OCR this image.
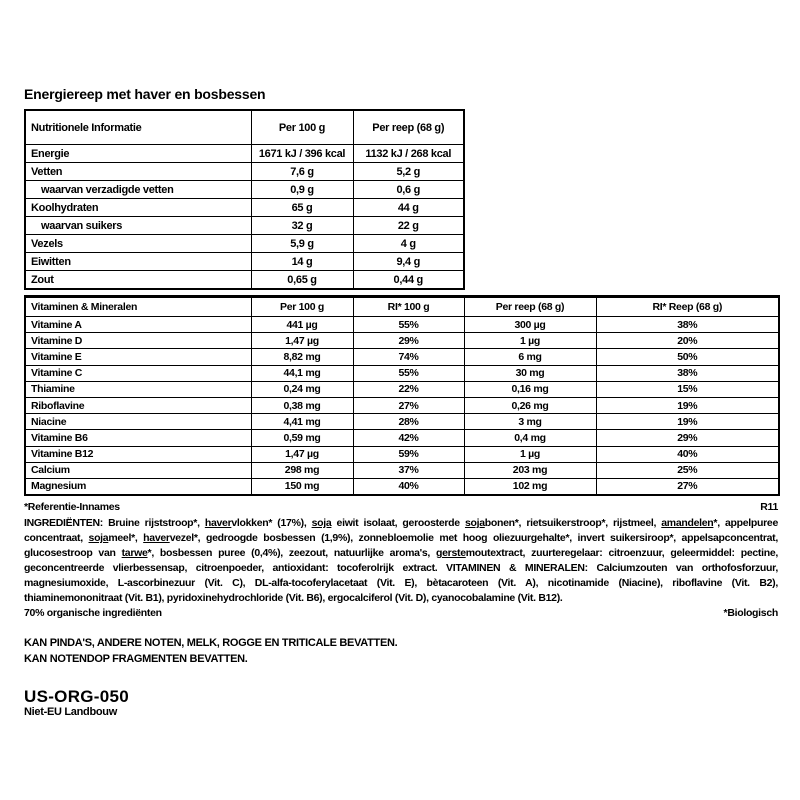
Energiereep met haver en bosbessen
Nutritionele Informatie	Per 100 g	Per reep (68 g)
Energie	1671 kJ / 396 kcal	1132 kJ / 268 kcal
Vetten	7,6 g	5,2 g
waarvan verzadigde vetten	0,9 g	0,6 g
Koolhydraten	65 g	44 g
waarvan suikers	32 g	22 g
Vezels	5,9 g	4 g
Eiwitten	14 g	9,4 g
Zout	0,65 g	0,44 g
Vitaminen & Mineralen	Per 100 g	RI* 100 g	Per reep (68 g)	RI* Reep (68 g)
Vitamine A	441 µg	55%	300 µg	38%
Vitamine D	1,47 µg	29%	1 µg	20%
Vitamine E	8,82 mg	74%	6 mg	50%
Vitamine C	44,1 mg	55%	30 mg	38%
Thiamine	0,24 mg	22%	0,16 mg	15%
Riboflavine	0,38 mg	27%	0,26 mg	19%
Niacine	4,41 mg	28%	3 mg	19%
Vitamine B6	0,59 mg	42%	0,4 mg	29%
Vitamine B12	1,47 µg	59%	1 µg	40%
Calcium	298 mg	37%	203 mg	25%
Magnesium	150 mg	40%	102 mg	27%
*Referentie-Innames	R11

INGREDIËNTEN: Bruine rijststroop*, havervlokken* (17%), soja eiwit isolaat, geroosterde sojabonen*, rietsuikerstroop*, rijstmeel, amandelen*, appelpuree concentraat, sojameel*, havervezel*, gedroogde bosbessen (1,9%), zonnebloemolie met hoog oliezuurgehalte*, invert suikersiroop*, appelsapconcentrat, glucosestroop van tarwe*, bosbessen puree (0,4%), zeezout, natuurlijke aroma's, gerstemoutextract, zuurteregelaar: citroenzuur, geleermiddel: pectine, geconcentreerde vlierbessensap, citroenpoeder, antioxidant: tocoferolrijk extract. VITAMINEN & MINERALEN: Calciumzouten van orthofosforzuur, magnesiumoxide, L-ascorbinezuur (Vit. C), DL-alfa-tocoferylacetaat (Vit. E), bètacaroteen (Vit. A), nicotinamide (Niacine), riboflavine (Vit. B2), thiaminemononitraat (Vit. B1), pyridoxinehydrochloride (Vit. B6), ergocalciferol (Vit. D), cyanocobalamine (Vit. B12).

70% organische ingrediënten	*Biologisch

KAN PINDA'S, ANDERE NOTEN, MELK, ROGGE EN TRITICALE BEVATTEN.

KAN NOTENDOP FRAGMENTEN BEVATTEN.

US-ORG-050
Niet-EU Landbouw
